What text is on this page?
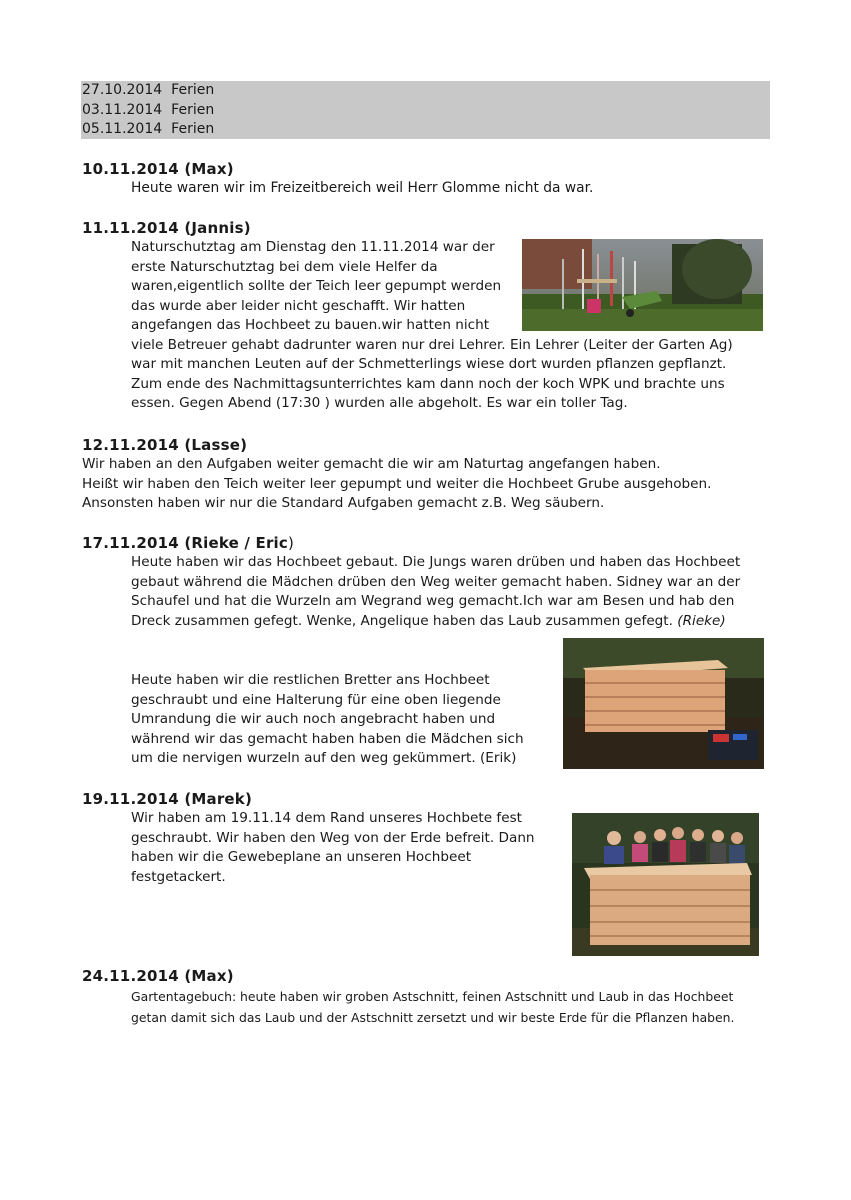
27.10.2014 Ferien
03.11.2014 Ferien
05.11.2014 Ferien
10.11.2014 (Max)
Heute waren wir im Freizeitbereich weil Herr Glomme nicht da war.
11.11.2014 (Jannis)
Naturschutztag am Dienstag den 11.11.2014 war der
erste Naturschutztag bei dem viele Helfer da
waren,eigentlich sollte der Teich leer gepumpt werden
das wurde aber leider nicht geschafft. Wir hatten
angefangen das Hochbeet zu bauen.wir hatten nicht
viele Betreuer gehabt dadrunter waren nur drei Lehrer. Ein Lehrer (Leiter der Garten Ag)
war mit manchen Leuten auf der Schmetterlings wiese dort wurden pflanzen gepflanzt.
Zum ende des Nachmittagsunterrichtes kam dann noch der koch WPK und brachte uns
essen. Gegen Abend (17:30 ) wurden alle abgeholt. Es war ein toller Tag.
12.11.2014 (Lasse)
Wir haben an den Aufgaben weiter gemacht die wir am Naturtag angefangen haben.
Heißt wir haben den Teich weiter leer gepumpt und weiter die Hochbeet Grube ausgehoben.
Ansonsten haben wir nur die Standard Aufgaben gemacht z.B. Weg säubern.
17.11.2014 (Rieke / Eric)
Heute haben wir das Hochbeet gebaut. Die Jungs waren drüben und haben das Hochbeet
gebaut während die Mädchen drüben den Weg weiter gemacht haben. Sidney war an der
Schaufel und hat die Wurzeln am Wegrand weg gemacht.Ich war am Besen und hab den
Dreck zusammen gefegt. Wenke, Angelique haben das Laub zusammen gefegt. (Rieke)
Heute haben wir die restlichen Bretter ans Hochbeet
geschraubt und eine Halterung für eine oben liegende
Umrandung die wir auch noch angebracht haben und
während wir das gemacht haben haben die Mädchen sich
um die nervigen wurzeln auf den weg gekümmert. (Erik)
19.11.2014 (Marek)
Wir haben am 19.11.14 dem Rand unseres Hochbete fest
geschraubt. Wir haben den Weg von der Erde befreit. Dann
haben wir die Gewebeplane an unseren Hochbeet
festgetackert.
24.11.2014 (Max)
Gartentagebuch: heute haben wir groben Astschnitt, feinen Astschnitt und Laub in das Hochbeet
getan damit sich das Laub und der Astschnitt zersetzt und wir beste Erde für die Pflanzen haben.
